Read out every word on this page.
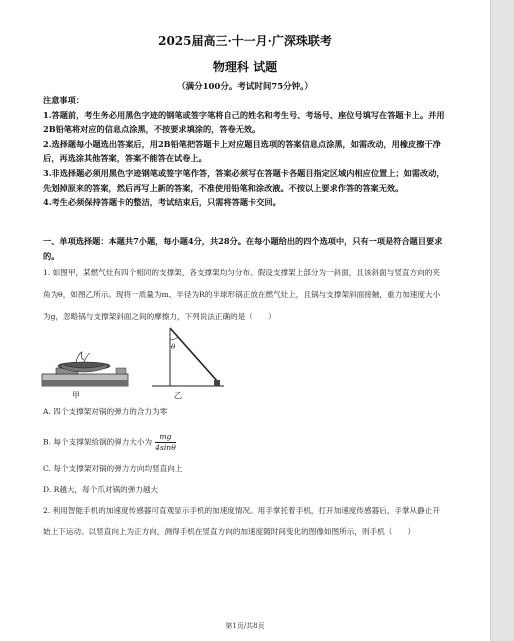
2025届高三·十一月·广深珠联考
物理科 试题
（满分100分。考试时间75分钟。）
注意事项：
1.答题前，考生务必用黑色字迹的钢笔或签字笔将自己的姓名和考生号、考场号、座位号填写在答题卡上。并用2B铅笔将对应的信息点涂黑，不按要求填涂的，答卷无效。
2.选择题每小题选出答案后，用2B铅笔把答题卡上对应题目选项的答案信息点涂黑，如需改动，用橡皮擦干净后，再选涂其他答案，答案不能答在试卷上。
3.非选择题必须用黑色字迹钢笔或签字笔作答，答案必须写在答题卡各题目指定区域内相应位置上；如需改动，先划掉原来的答案，然后再写上新的答案，不准使用铅笔和涂改液。不按以上要求作答的答案无效。
4.考生必须保持答题卡的整洁，考试结束后，只需将答题卡交回。
一、单项选择题：本题共7小题，每小题4分，共28分。在每小题给出的四个选项中，只有一项是符合题目要求的。
1. 如图甲，某燃气灶有四个相同的支撑架，各支撑架均匀分布。假设支撑架上部分为一斜面，且该斜面与竖直方向的夹角为θ，如图乙所示。现将一质量为m、半径为R的半球形锅正放在燃气灶上，且锅与支撑架斜面接触，重力加速度大小为g，忽略锅与支撑架斜面之间的摩擦力，下列说法正确的是（　　）
甲
θ
乙
A. 四个支撑架对锅的弹力的合力为零
B. 每个支撑架给锅的弹力大小为 $\frac{mg}{4\sin\theta}$
C. 每个支撑架对锅的弹力方向均竖直向上
D. R越大，每个爪对锅的弹力越大
2. 利用智能手机的加速度传感器可直观显示手机的加速度情况。用手掌托着手机，打开加速度传感器后，手掌从静止开始上下运动。以竖直向上为正方向，测得手机在竖直方向的加速度随时间变化的图像如图所示，则手机（　　）
第1页/共8页
